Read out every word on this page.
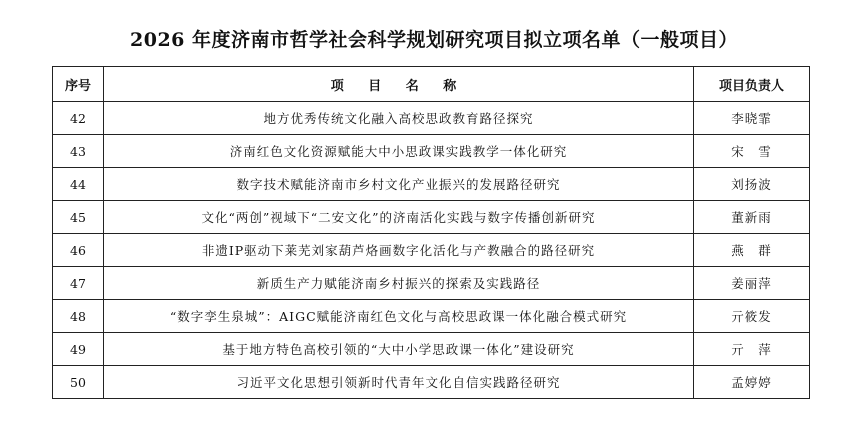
2026 年度济南市哲学社会科学规划研究项目拟立项名单（一般项目）
序号	项 目 名 称	项目负责人
42	地方优秀传统文化融入高校思政教育路径探究	李晓霏
43	济南红色文化资源赋能大中小思政课实践教学一体化研究	宋　雪
44	数字技术赋能济南市乡村文化产业振兴的发展路径研究	刘扬波
45	文化“两创”视域下“二安文化”的济南活化实践与数字传播创新研究	董新雨
46	非遗IP驱动下莱芜刘家葫芦烙画数字化活化与产教融合的路径研究	燕　群
47	新质生产力赋能济南乡村振兴的探索及实践路径	姜丽萍
48	“数字孪生泉城”：AIGC赋能济南红色文化与高校思政课一体化融合模式研究	亓筱发
49	基于地方特色高校引领的“大中小学思政课一体化”建设研究	亓　萍
50	习近平文化思想引领新时代青年文化自信实践路径研究	孟婷婷
